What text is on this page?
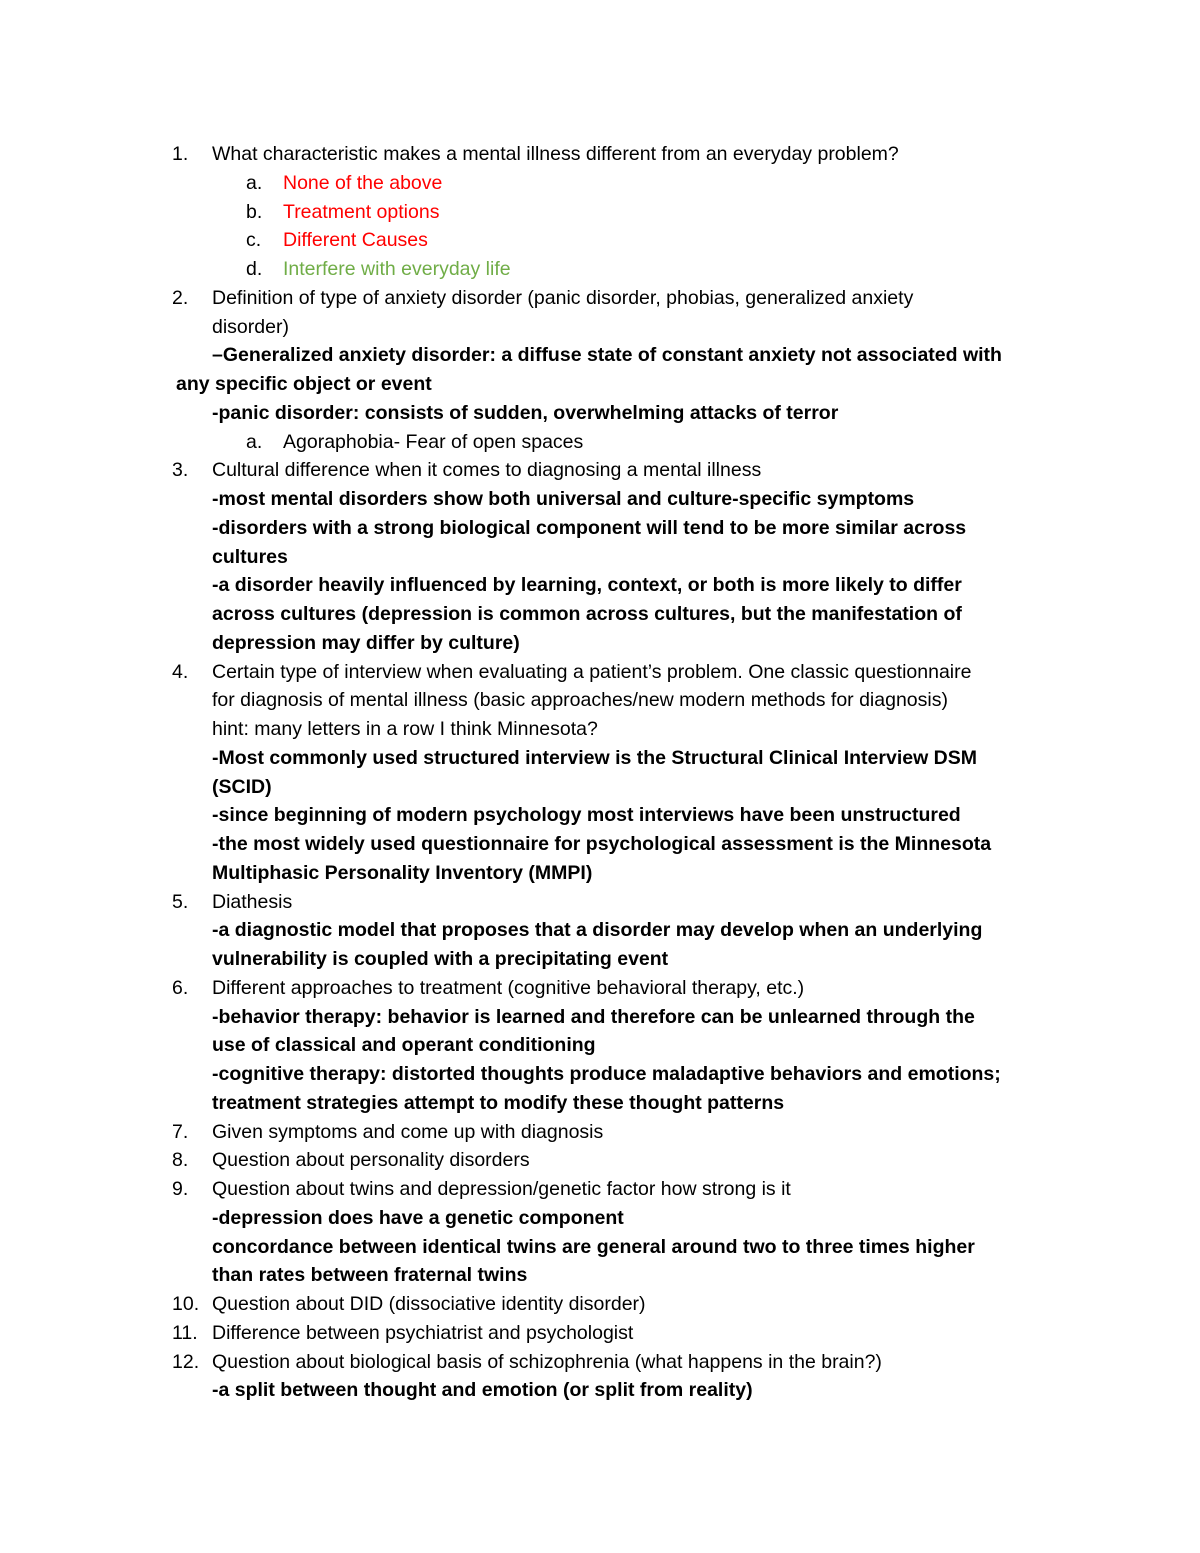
1.	What characteristic makes a mental illness different from an everyday problem?
a. None of the above
b. Treatment options
c. Different Causes
d. Interfere with everyday life
2.	Definition of type of anxiety disorder (panic disorder, phobias, generalized anxiety
disorder)
–Generalized anxiety disorder: a diffuse state of constant anxiety not associated with
any specific object or event
-panic disorder: consists of sudden, overwhelming attacks of terror
a. Agoraphobia- Fear of open spaces
3.	Cultural difference when it comes to diagnosing a mental illness
-most mental disorders show both universal and culture-specific symptoms
-disorders with a strong biological component will tend to be more similar across
cultures
-a disorder heavily influenced by learning, context, or both is more likely to differ
across cultures (depression is common across cultures, but the manifestation of
depression may differ by culture)
4.	Certain type of interview when evaluating a patient’s problem. One classic questionnaire
for diagnosis of mental illness (basic approaches/new modern methods for diagnosis)
hint: many letters in a row I think Minnesota?
-Most commonly used structured interview is the Structural Clinical Interview DSM
(SCID)
-since beginning of modern psychology most interviews have been unstructured
-the most widely used questionnaire for psychological assessment is the Minnesota
Multiphasic Personality Inventory (MMPI)
5.	Diathesis
-a diagnostic model that proposes that a disorder may develop when an underlying
vulnerability is coupled with a precipitating event
6.	Different approaches to treatment (cognitive behavioral therapy, etc.)
-behavior therapy: behavior is learned and therefore can be unlearned through the
use of classical and operant conditioning
-cognitive therapy: distorted thoughts produce maladaptive behaviors and emotions;
treatment strategies attempt to modify these thought patterns
7.	Given symptoms and come up with diagnosis
8.	Question about personality disorders
9.	Question about twins and depression/genetic factor how strong is it
-depression does have a genetic component
concordance between identical twins are general around two to three times higher
than rates between fraternal twins
10. Question about DID (dissociative identity disorder)
11. Difference between psychiatrist and psychologist
12. Question about biological basis of schizophrenia (what happens in the brain?)
-a split between thought and emotion (or split from reality)
